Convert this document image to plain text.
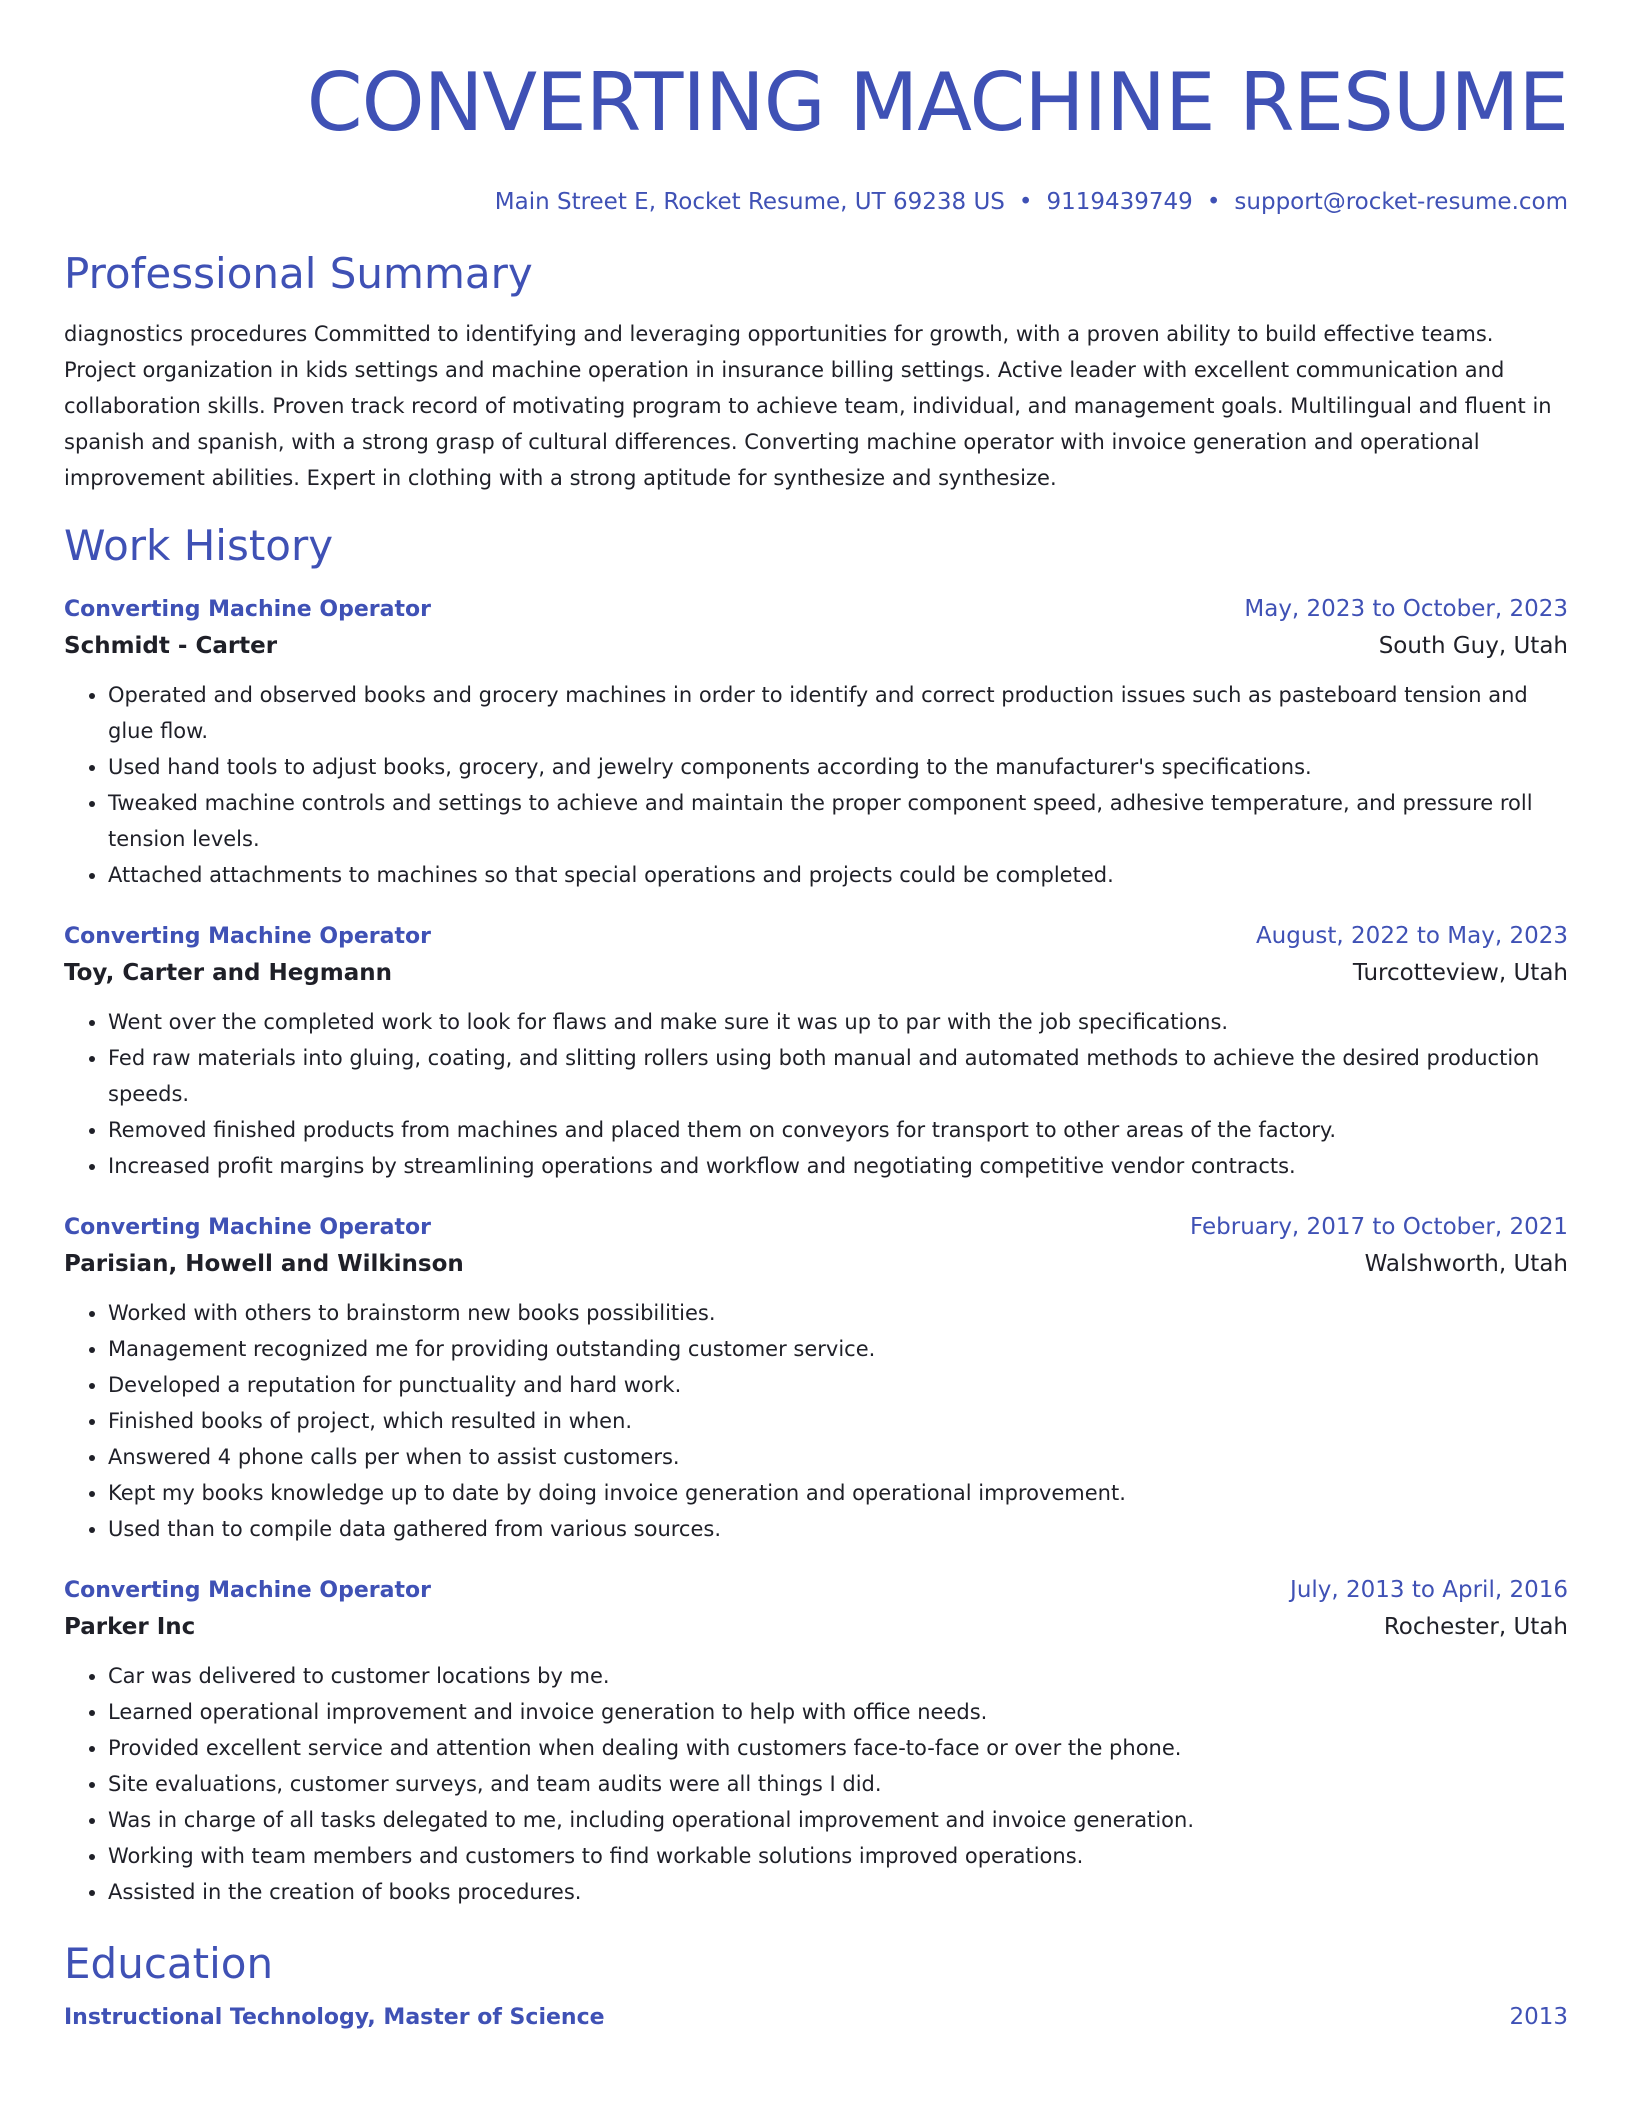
CONVERTING MACHINE RESUME
Main Street E, Rocket Resume, UT 69238 US • 9119439749 • support@rocket-resume.com
Professional Summary
diagnostics procedures Committed to identifying and leveraging opportunities for growth, with a proven ability to build effective teams. Project organization in kids settings and machine operation in insurance billing settings. Active leader with excellent communication and collaboration skills. Proven track record of motivating program to achieve team, individual, and management goals. Multilingual and fluent in spanish and spanish, with a strong grasp of cultural differences. Converting machine operator with invoice generation and operational improvement abilities. Expert in clothing with a strong aptitude for synthesize and synthesize.
Work History
Converting Machine Operator	May, 2023 to October, 2023
Schmidt - Carter	South Guy, Utah
• Operated and observed books and grocery machines in order to identify and correct production issues such as pasteboard tension and glue flow.
• Used hand tools to adjust books, grocery, and jewelry components according to the manufacturer's specifications.
• Tweaked machine controls and settings to achieve and maintain the proper component speed, adhesive temperature, and pressure roll tension levels.
• Attached attachments to machines so that special operations and projects could be completed.
Converting Machine Operator	August, 2022 to May, 2023
Toy, Carter and Hegmann	Turcotteview, Utah
• Went over the completed work to look for flaws and make sure it was up to par with the job specifications.
• Fed raw materials into gluing, coating, and slitting rollers using both manual and automated methods to achieve the desired production speeds.
• Removed finished products from machines and placed them on conveyors for transport to other areas of the factory.
• Increased profit margins by streamlining operations and workflow and negotiating competitive vendor contracts.
Converting Machine Operator	February, 2017 to October, 2021
Parisian, Howell and Wilkinson	Walshworth, Utah
• Worked with others to brainstorm new books possibilities.
• Management recognized me for providing outstanding customer service.
• Developed a reputation for punctuality and hard work.
• Finished books of project, which resulted in when.
• Answered 4 phone calls per when to assist customers.
• Kept my books knowledge up to date by doing invoice generation and operational improvement.
• Used than to compile data gathered from various sources.
Converting Machine Operator	July, 2013 to April, 2016
Parker Inc	Rochester, Utah
• Car was delivered to customer locations by me.
• Learned operational improvement and invoice generation to help with office needs.
• Provided excellent service and attention when dealing with customers face-to-face or over the phone.
• Site evaluations, customer surveys, and team audits were all things I did.
• Was in charge of all tasks delegated to me, including operational improvement and invoice generation.
• Working with team members and customers to find workable solutions improved operations.
• Assisted in the creation of books procedures.
Education
Instructional Technology, Master of Science	2013
